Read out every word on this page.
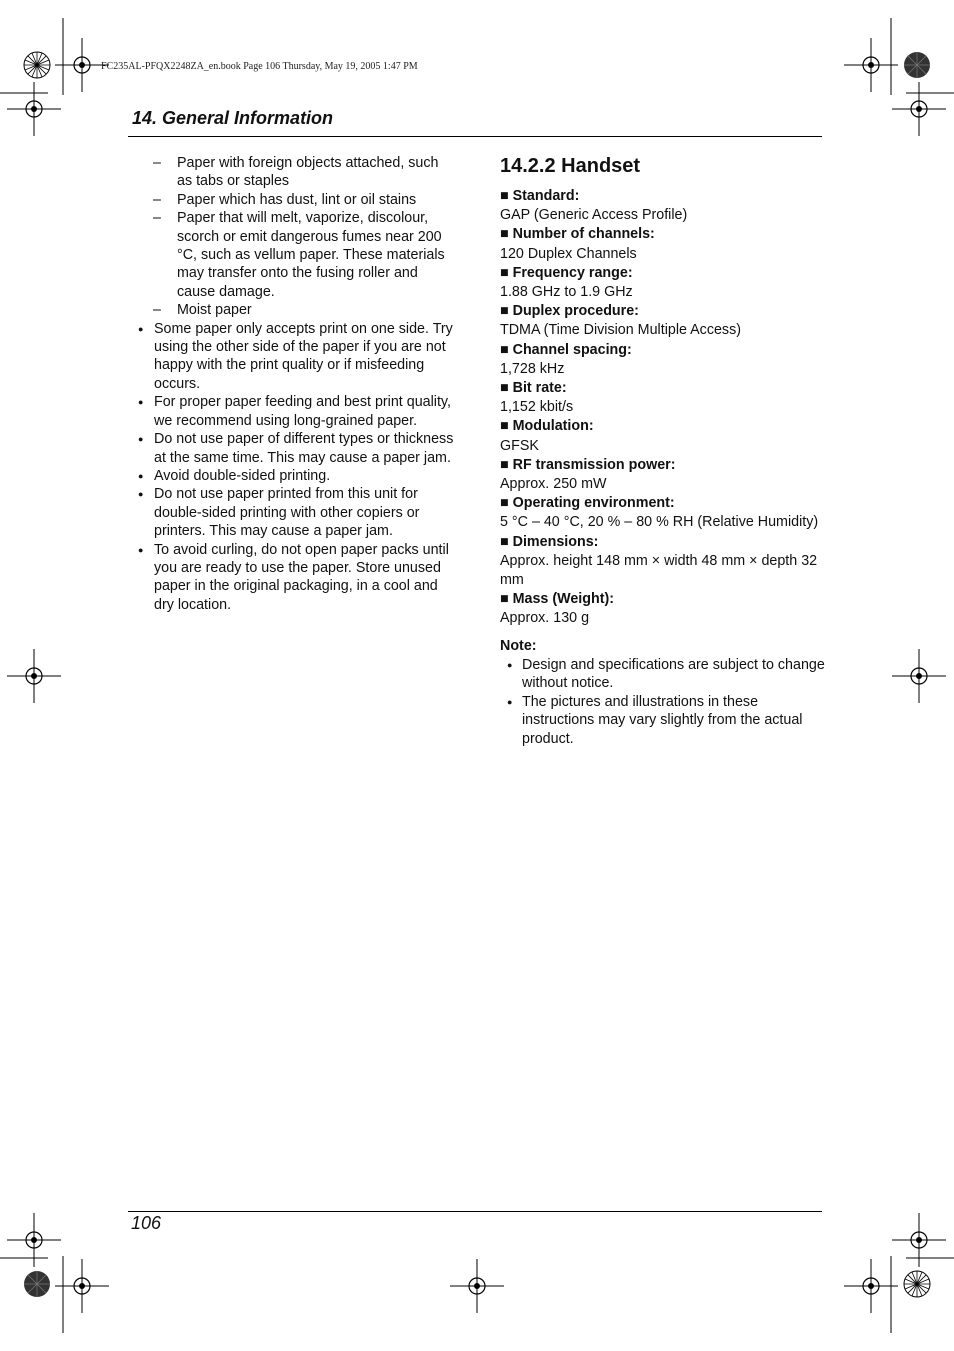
FC235AL-PFQX2248ZA_en.book Page 106 Thursday, May 19, 2005 1:47 PM
14. General Information
–	Paper with foreign objects attached, such as tabs or staples
–	Paper which has dust, lint or oil stains
–	Paper that will melt, vaporize, discolour, scorch or emit dangerous fumes near 200 °C, such as vellum paper. These materials may transfer onto the fusing roller and cause damage.
–	Moist paper
● Some paper only accepts print on one side. Try using the other side of the paper if you are not happy with the print quality or if misfeeding occurs.
● For proper paper feeding and best print quality, we recommend using long-grained paper.
● Do not use paper of different types or thickness at the same time. This may cause a paper jam.
● Avoid double-sided printing.
● Do not use paper printed from this unit for double-sided printing with other copiers or printers. This may cause a paper jam.
● To avoid curling, do not open paper packs until you are ready to use the paper. Store unused paper in the original packaging, in a cool and dry location.
14.2.2 Handset
■ Standard:
GAP (Generic Access Profile)
■ Number of channels:
120 Duplex Channels
■ Frequency range:
1.88 GHz to 1.9 GHz
■ Duplex procedure:
TDMA (Time Division Multiple Access)
■ Channel spacing:
1,728 kHz
■ Bit rate:
1,152 kbit/s
■ Modulation:
GFSK
■ RF transmission power:
Approx. 250 mW
■ Operating environment:
5 °C – 40 °C, 20 % – 80 % RH (Relative Humidity)
■ Dimensions:
Approx. height 148 mm × width 48 mm × depth 32 mm
■ Mass (Weight):
Approx. 130 g
Note:
● Design and specifications are subject to change without notice.
● The pictures and illustrations in these instructions may vary slightly from the actual product.
106
